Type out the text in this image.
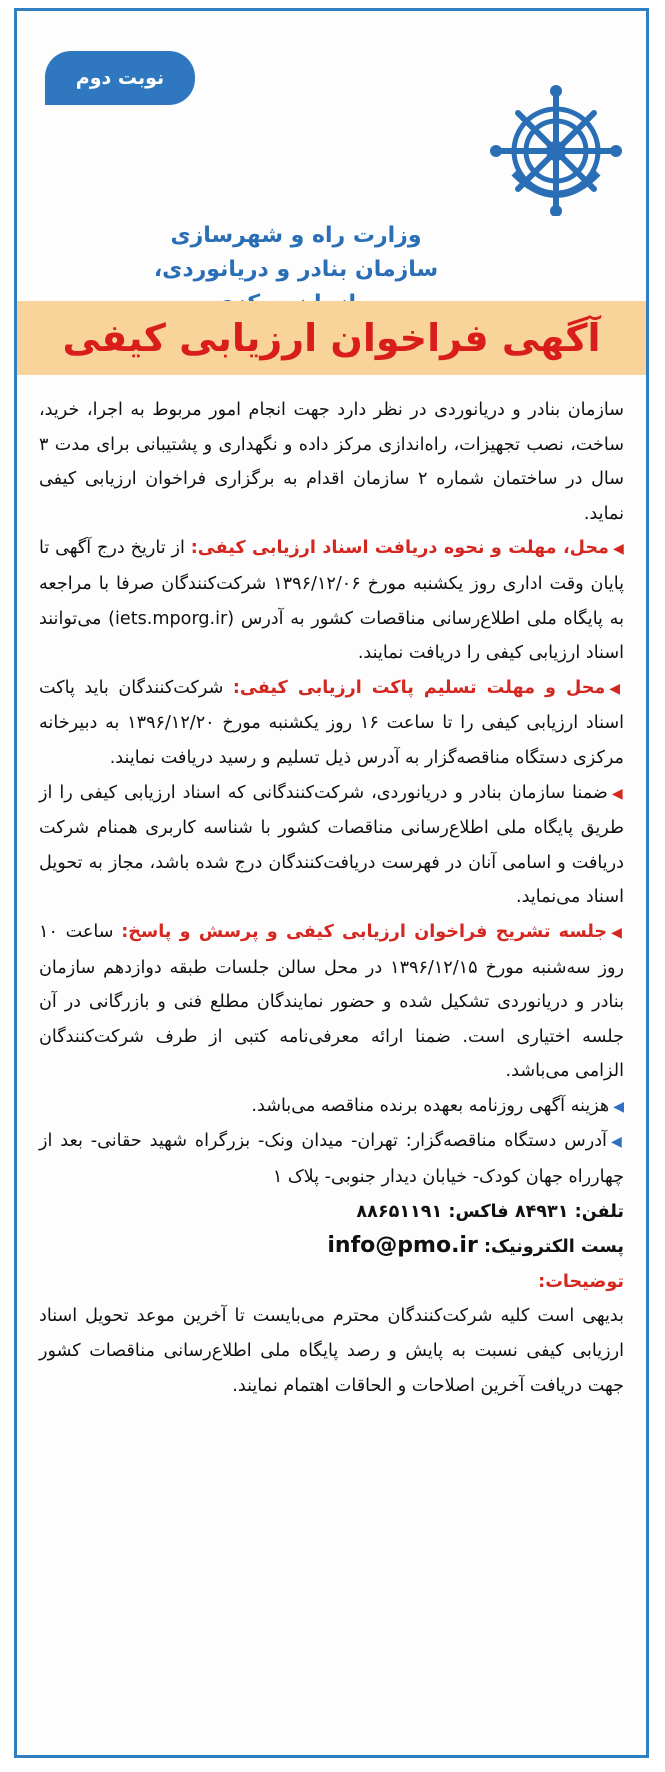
نوبت دوم
وزارت راه و شهرسازی
سازمان بنادر و دریانوردی،
آگهی فراخوان ارزیابی کیفی

سازمان بنادر و دریانوردی در نظر دارد جهت انجام امور مربوط به اجرا، خرید، ساخت، نصب تجهیزات، راه‌اندازی مرکز داده و نگهداری و پشتیبانی برای مدت ۳ سال در ساختمان شماره ۲ سازمان اقدام به برگزاری فراخوان ارزیابی کیفی نماید.

◀محل، مهلت و نحوه دریافت اسناد ارزیابی کیفی: از تاریخ درج آگهی تا پایان وقت اداری روز یکشنبه مورخ ۱۳۹۶/۱۲/۰۶ شرکت‌کنندگان صرفا با مراجعه به پایگاه ملی اطلاع‌رسانی مناقصات کشور به آدرس (iets.mporg.ir) می‌توانند اسناد ارزیابی کیفی را دریافت نمایند.

◀محل و مهلت تسلیم پاکت ارزیابی کیفی: شرکت‌کنندگان باید پاکت اسناد ارزیابی کیفی را تا ساعت ۱۶ روز یکشنبه مورخ ۱۳۹۶/۱۲/۲۰ به دبیرخانه مرکزی دستگاه مناقصه‌گزار به آدرس ذیل تسلیم و رسید دریافت نمایند.

◀ضمنا سازمان بنادر و دریانوردی، شرکت‌کنندگانی که اسناد ارزیابی کیفی را از طریق پایگاه ملی اطلاع‌رسانی مناقصات کشور با شناسه کاربری همنام شرکت دریافت و اسامی آنان در فهرست دریافت‌کنندگان درج شده باشد، مجاز به تحویل اسناد می‌نماید.

◀جلسه تشریح فراخوان ارزیابی کیفی و پرسش و پاسخ: ساعت ۱۰ روز سه‌شنبه مورخ ۱۳۹۶/۱۲/۱۵ در محل سالن جلسات طبقه دوازدهم سازمان بنادر و دریانوردی تشکیل شده و حضور نمایندگان مطلع فنی و بازرگانی در آن جلسه اختیاری است. ضمنا ارائه معرفی‌نامه کتبی از طرف شرکت‌کنندگان الزامی می‌باشد.

◀هزینه آگهی روزنامه بعهده برنده مناقصه می‌باشد.

◀آدرس دستگاه مناقصه‌گزار: تهران- میدان ونک- بزرگراه شهید حقانی- بعد از چهارراه جهان کودک- خیابان دیدار جنوبی- پلاک ۱

تلفن: ۸۴۹۳۱ فاکس: ۸۸۶۵۱۱۹۱

پست الکترونیک: info@pmo.ir

توضیحات:

بدیهی است کلیه شرکت‌کنندگان محترم می‌بایست تا آخرین موعد تحویل اسناد ارزیابی کیفی نسبت به پایش و رصد پایگاه ملی اطلاع‌رسانی مناقصات کشور جهت دریافت آخرین اصلاحات و الحاقات اهتمام نمایند.
